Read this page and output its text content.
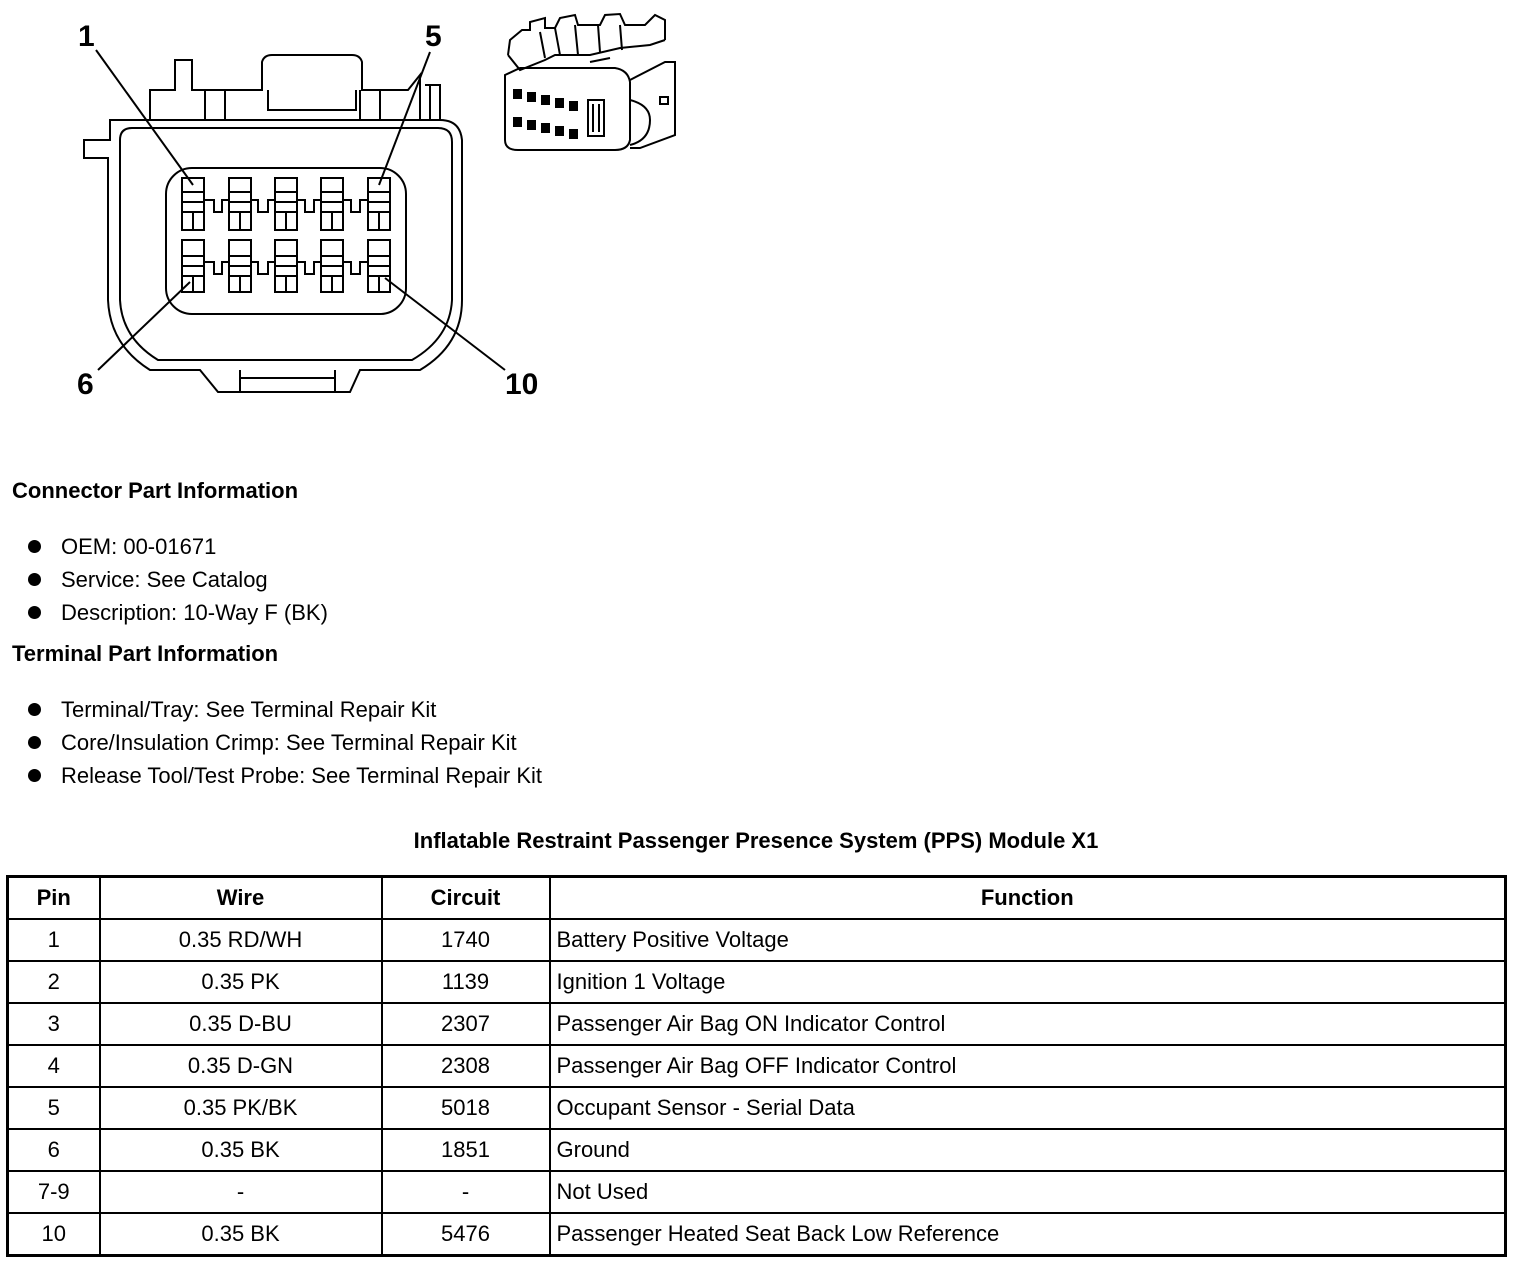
1	5
6	10
Connector Part Information
OEM: 00-01671
Service: See Catalog
Description: 10-Way F (BK)
Terminal Part Information
Terminal/Tray: See Terminal Repair Kit
Core/Insulation Crimp: See Terminal Repair Kit
Release Tool/Test Probe: See Terminal Repair Kit
Inflatable Restraint Passenger Presence System (PPS) Module X1
Pin	Wire	Circuit	Function
1	0.35 RD/WH	1740	Battery Positive Voltage
2	0.35 PK	1139	Ignition 1 Voltage
3	0.35 D-BU	2307	Passenger Air Bag ON Indicator Control
4	0.35 D-GN	2308	Passenger Air Bag OFF Indicator Control
5	0.35 PK/BK	5018	Occupant Sensor - Serial Data
6	0.35 BK	1851	Ground
7-9	-	-	Not Used
10	0.35 BK	5476	Passenger Heated Seat Back Low Reference
